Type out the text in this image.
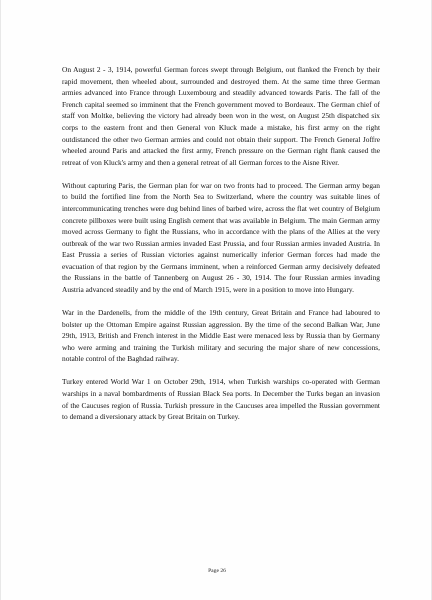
On August 2 - 3, 1914, powerful German forces swept through Belgium, out flanked the French by their rapid movement, then wheeled about, surrounded and destroyed them. At the same time three German armies advanced into France through Luxembourg and steadily advanced towards Paris. The fall of the French capital seemed so imminent that the French government moved to Bordeaux. The German chief of staff von Moltke, believing the victory had already been won in the west, on August 25th dispatched six corps to the eastern front and then General von Kluck made a mistake, his first army on the right outdistanced the other two German armies and could not obtain their support. The French General Joffre wheeled around Paris and attacked the first army, French pressure on the German right flank caused the retreat of von Kluck's army and then a general retreat of all German forces to the Aisne River.

Without capturing Paris, the German plan for war on two fronts had to proceed. The German army began to build the fortified line from the North Sea to Switzerland, where the country was suitable lines of intercommunicating trenches were dug behind lines of barbed wire, across the flat wet country of Belgium concrete pillboxes were built using English cement that was available in Belgium. The main German army moved across Germany to fight the Russians, who in accordance with the plans of the Allies at the very outbreak of the war two Russian armies invaded East Prussia, and four Russian armies invaded Austria. In East Prussia a series of Russian victories against numerically inferior German forces had made the evacuation of that region by the Germans imminent, when a reinforced German army decisively defeated the Russians in the battle of Tannenberg on August 26 - 30, 1914. The four Russian armies invading Austria advanced steadily and by the end of March 1915, were in a position to move into Hungary.

War in the Dardenells, from the middle of the 19th century, Great Britain and France had laboured to bolster up the Ottoman Empire against Russian aggression. By the time of the second Balkan War, June 29th, 1913, British and French interest in the Middle East were menaced less by Russia than by Germany who were arming and training the Turkish military and securing the major share of new concessions, notable control of the Baghdad railway.

Turkey entered World War 1 on October 29th, 1914, when Turkish warships co-operated with German warships in a naval bombardments of Russian Black Sea ports. In December the Turks began an invasion of the Caucuses region of Russia. Turkish pressure in the Caucuses area impelled the Russian government to demand a diversionary attack by Great Britain on Turkey.

Page 26
